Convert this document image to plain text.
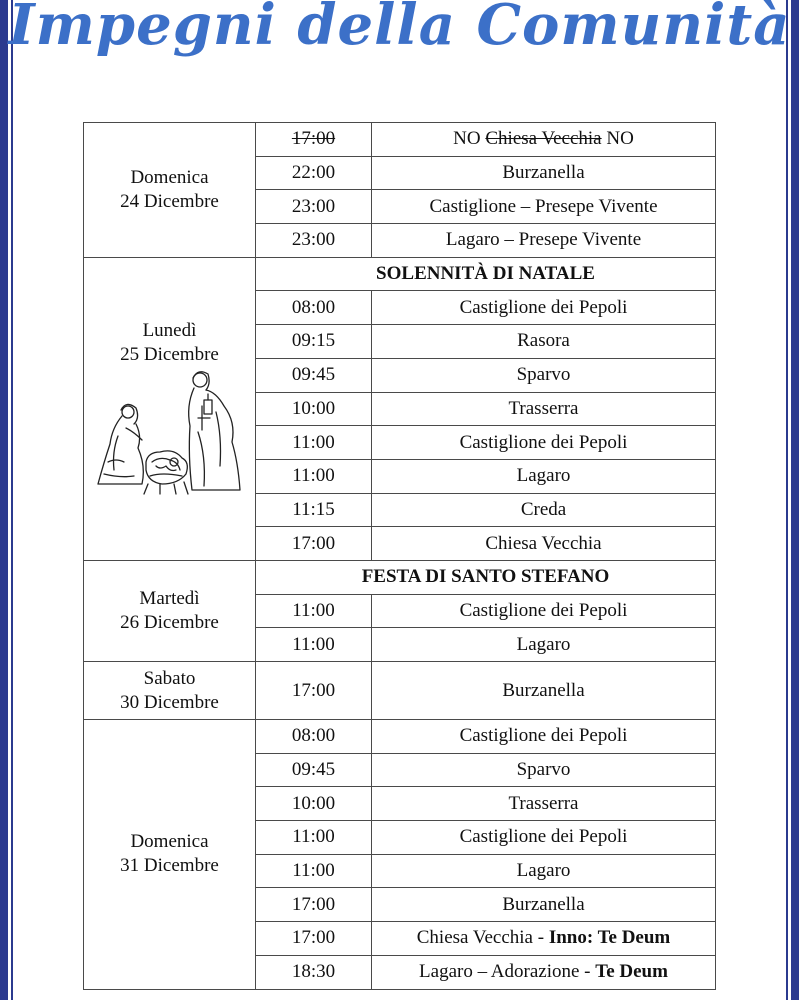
Impegni della Comunità
Domenica
24 Dicembre	17:00	NO Chiesa Vecchia NO
	22:00	Burzanella
	23:00	Castiglione – Presepe Vivente
	23:00	Lagaro – Presepe Vivente

Lunedì
25 Dicembre	SOLENNITÀ DI NATALE	
	08:00	Castiglione dei Pepoli
	09:15	Rasora
	09:45	Sparvo
	10:00	Trasserra
	11:00	Castiglione dei Pepoli
	11:00	Lagaro
	11:15	Creda
	17:00	Chiesa Vecchia
Martedì
26 Dicembre	FESTA DI SANTO STEFANO	
	11:00	Castiglione dei Pepoli
	11:00	Lagaro
Sabato
30 Dicembre	17:00	Burzanella
Domenica
31 Dicembre	08:00	Castiglione dei Pepoli
	09:45	Sparvo
	10:00	Trasserra
	11:00	Castiglione dei Pepoli
	11:00	Lagaro
	17:00	Burzanella
	17:00	Chiesa Vecchia - Inno: Te Deum
	18:30	Lagaro – Adorazione - Te Deum
